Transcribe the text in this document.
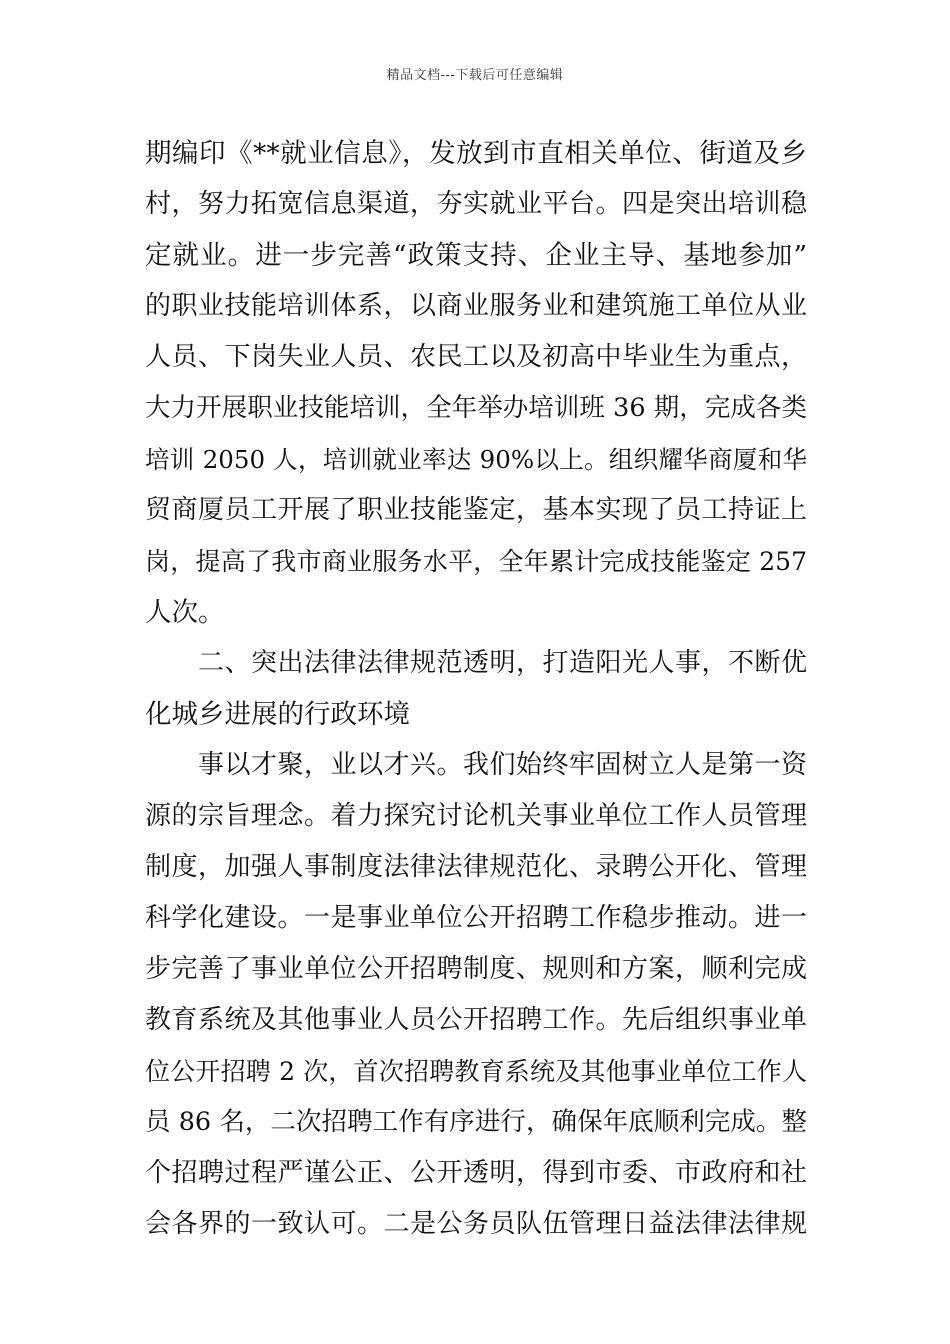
精品文档---下载后可任意编辑
期编印《**就业信息》，发放到市直相关单位、街道及乡
村，努力拓宽信息渠道，夯实就业平台。四是突出培训稳
定就业。进一步完善“政策支持、企业主导、基地参加”
的职业技能培训体系，以商业服务业和建筑施工单位从业
人员、下岗失业人员、农民工以及初高中毕业生为重点，
大力开展职业技能培训，全年举办培训班 36 期，完成各类
培训 2050 人，培训就业率达 90%以上。组织耀华商厦和华
贸商厦员工开展了职业技能鉴定，基本实现了员工持证上
岗，提高了我市商业服务水平，全年累计完成技能鉴定 257
人次。
二、突出法律法律规范透明，打造阳光人事，不断优
化城乡进展的行政环境
事以才聚，业以才兴。我们始终牢固树立人是第一资
源的宗旨理念。着力探究讨论机关事业单位工作人员管理
制度，加强人事制度法律法律规范化、录聘公开化、管理
科学化建设。一是事业单位公开招聘工作稳步推动。进一
步完善了事业单位公开招聘制度、规则和方案，顺利完成
教育系统及其他事业人员公开招聘工作。先后组织事业单
位公开招聘 2 次，首次招聘教育系统及其他事业单位工作人
员 86 名，二次招聘工作有序进行，确保年底顺利完成。整
个招聘过程严谨公正、公开透明，得到市委、市政府和社
会各界的一致认可。二是公务员队伍管理日益法律法律规
